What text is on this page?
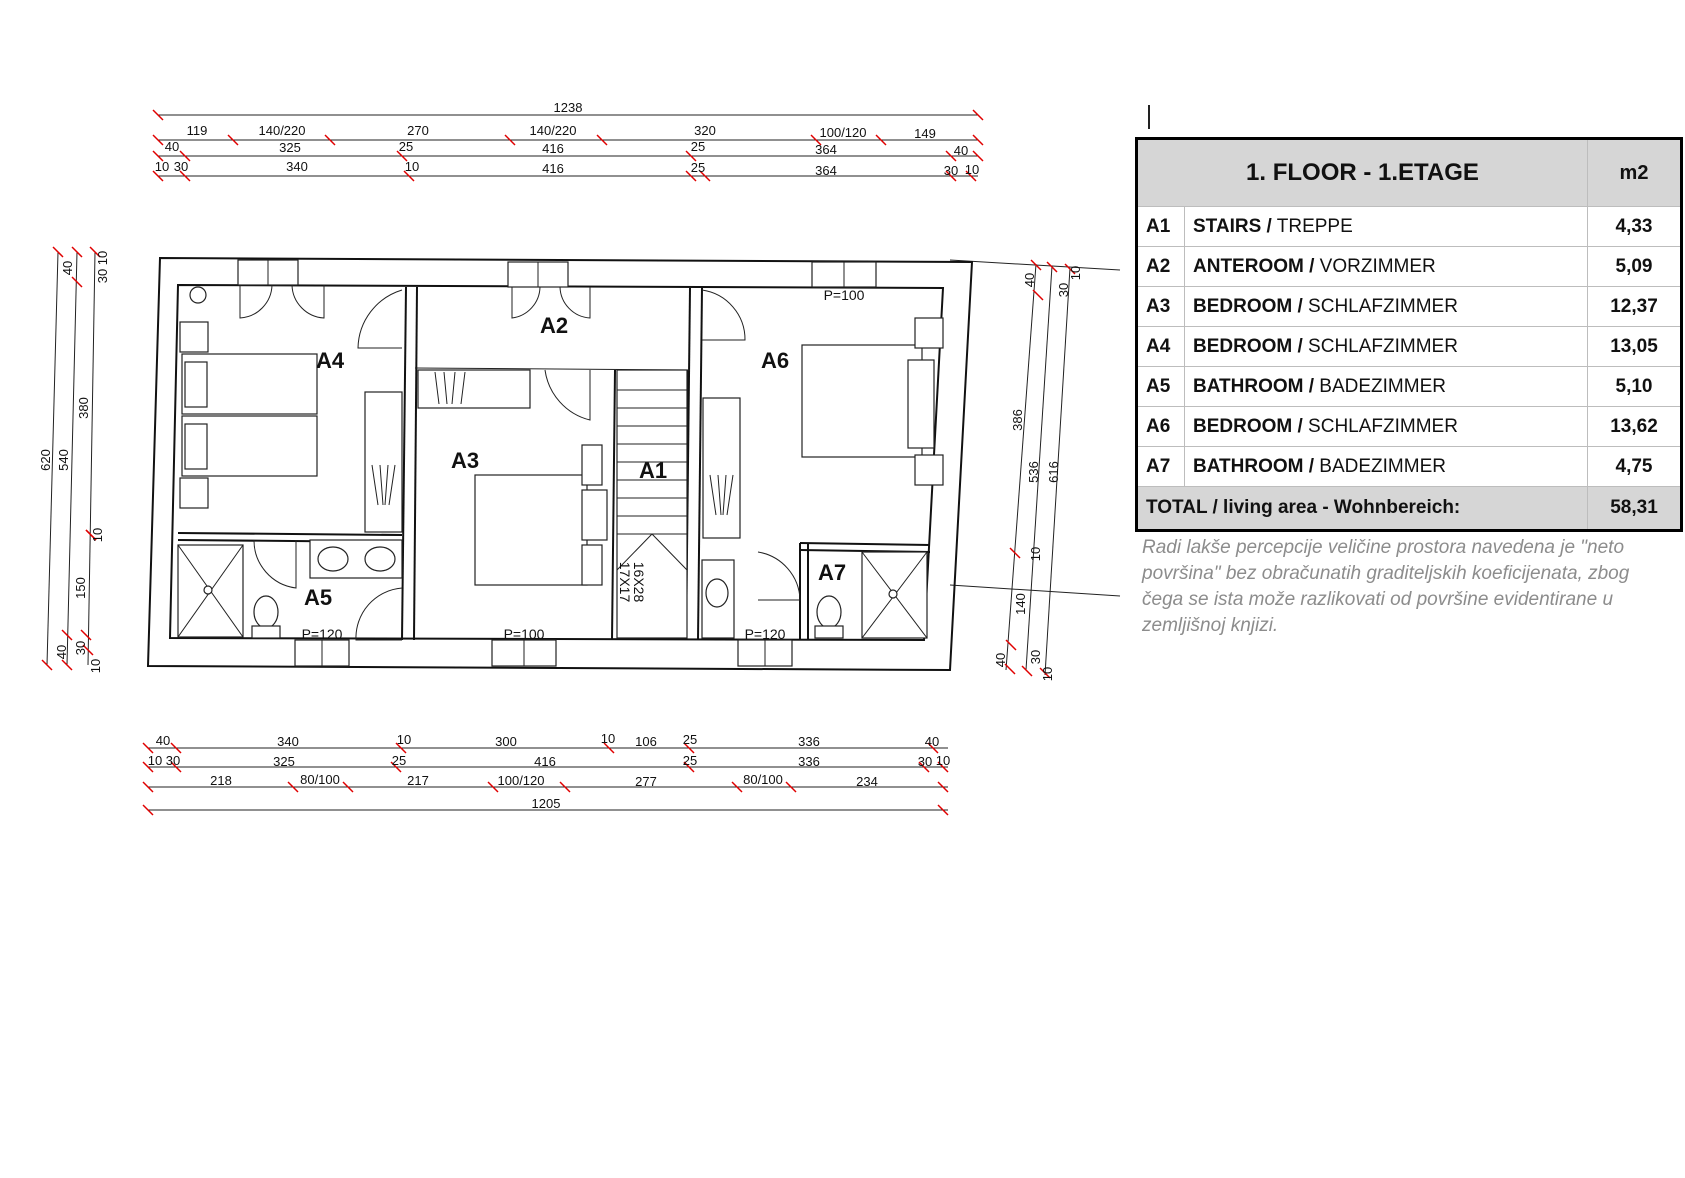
1238
119	140/220	270	140/220	320	100/120	149
40	325	25	416	25	364	40
10 30	340	10	416	25	364	30 10
620 540
380
150
40
40 30
10
10
30
10
386
536 616
140
40
30
10
10
40 30
10
A4
A2
A6
A3	A1
A5
A7
P=100
P=120	P=100	P=120
16X28
17X17
40	340	10	300	10 106 25	336	40
10 30	325	25	416	25	336	30 10
218	80/100	217	100/120	277	80/100	234
1205
1. FLOOR - 1.ETAGE		m2
A1	STAIRS / TREPPE	4,33
A2	ANTEROOM / VORZIMMER	5,09
A3	BEDROOM / SCHLAFZIMMER	12,37
A4	BEDROOM / SCHLAFZIMMER	13,05
A5	BATHROOM / BADEZIMMER	5,10
A6	BEDROOM / SCHLAFZIMMER	13,62
A7	BATHROOM / BADEZIMMER	4,75
TOTAL / living area - Wohnbereich:		58,31
Radi lakše percepcije veličine prostora navedena je "neto površina" bez obračunatih graditeljskih koeficijenata, zbog čega se ista može razlikovati od površine evidentirane u zemljišnoj knjizi.
